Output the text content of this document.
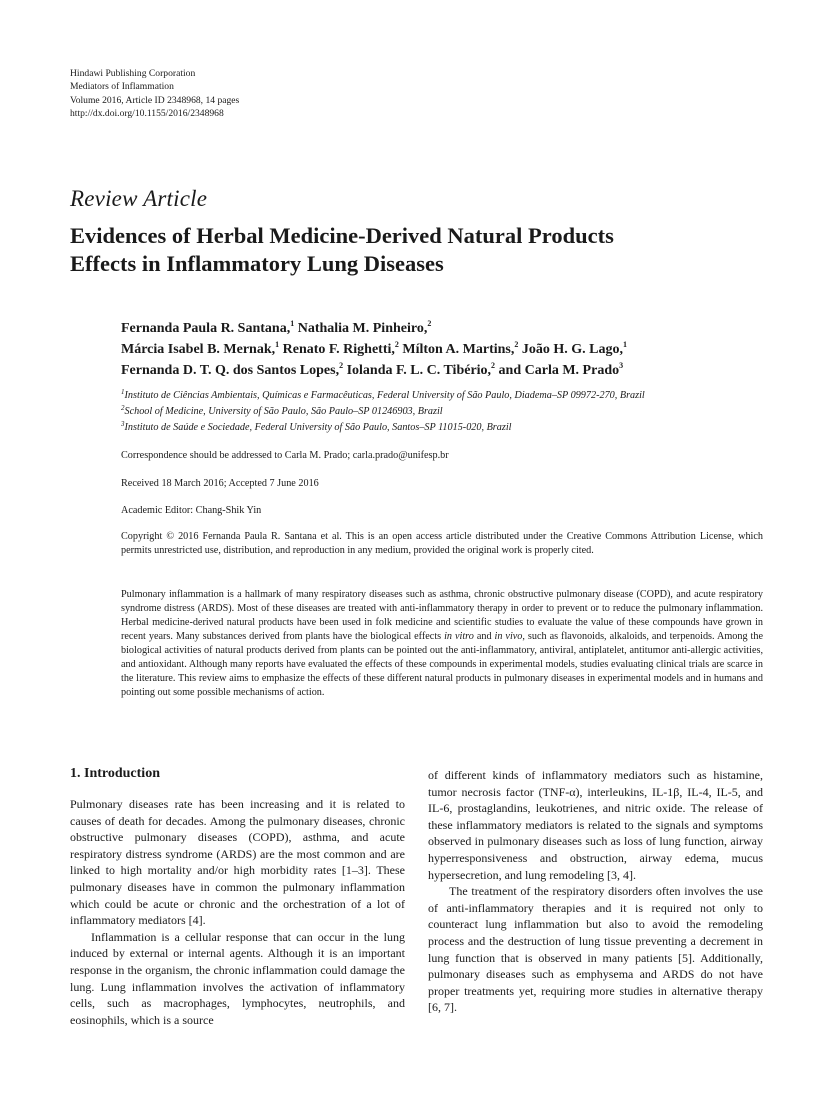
Hindawi Publishing Corporation
Mediators of Inflammation
Volume 2016, Article ID 2348968, 14 pages
http://dx.doi.org/10.1155/2016/2348968
Review Article
Evidences of Herbal Medicine-Derived Natural Products
Effects in Inflammatory Lung Diseases
Fernanda Paula R. Santana,$^1$ Nathalia M. Pinheiro,$^2$
Márcia Isabel B. Mernak,$^1$ Renato F. Righetti,$^2$ Mílton A. Martins,$^2$ João H. G. Lago,$^1$
Fernanda D. T. Q. dos Santos Lopes,$^2$ Iolanda F. L. C. Tibério,$^2$ and Carla M. Prado$^3$
$^1$Instituto de Ciências Ambientais, Químicas e Farmacêuticas, Federal University of São Paulo, Diadema–SP 09972-270, Brazil
$^2$School of Medicine, University of São Paulo, São Paulo–SP 01246903, Brazil
$^3$Instituto de Saúde e Sociedade, Federal University of São Paulo, Santos–SP 11015-020, Brazil
Correspondence should be addressed to Carla M. Prado; carla.prado@unifesp.br
Received 18 March 2016; Accepted 7 June 2016
Academic Editor: Chang-Shik Yin
Copyright © 2016 Fernanda Paula R. Santana et al. This is an open access article distributed under the Creative Commons Attribution License, which permits unrestricted use, distribution, and reproduction in any medium, provided the original work is properly cited.
Pulmonary inflammation is a hallmark of many respiratory diseases such as asthma, chronic obstructive pulmonary disease (COPD), and acute respiratory syndrome distress (ARDS). Most of these diseases are treated with anti-inflammatory therapy in order to prevent or to reduce the pulmonary inflammation. Herbal medicine-derived natural products have been used in folk medicine and scientific studies to evaluate the value of these compounds have grown in recent years. Many substances derived from plants have the biological effects in vitro and in vivo, such as flavonoids, alkaloids, and terpenoids. Among the biological activities of natural products derived from plants can be pointed out the anti-inflammatory, antiviral, antiplatelet, antitumor anti-allergic activities, and antioxidant. Although many reports have evaluated the effects of these compounds in experimental models, studies evaluating clinical trials are scarce in the literature. This review aims to emphasize the effects of these different natural products in pulmonary diseases in experimental models and in humans and pointing out some possible mechanisms of action.
1. Introduction

Pulmonary diseases rate has been increasing and it is related to causes of death for decades. Among the pulmonary diseases, chronic obstructive pulmonary diseases (COPD), asthma, and acute respiratory distress syndrome (ARDS) are the most common and are linked to high mortality and/or high morbidity rates [1–3]. These pulmonary diseases have in common the pulmonary inflammation which could be acute or chronic and the orchestration of a lot of inflammatory mediators [4].

Inflammation is a cellular response that can occur in the lung induced by external or internal agents. Although it is an important response in the organism, the chronic inflammation could damage the lung. Lung inflammation involves the activation of inflammatory cells, such as macrophages, lymphocytes, neutrophils, and eosinophils, which is a source

of different kinds of inflammatory mediators such as histamine, tumor necrosis factor (TNF-α), interleukins, IL-1β, IL-4, IL-5, and IL-6, prostaglandins, leukotrienes, and nitric oxide. The release of these inflammatory mediators is related to the signals and symptoms observed in pulmonary diseases such as loss of lung function, airway hyperresponsiveness and obstruction, airway edema, mucus hypersecretion, and lung remodeling [3, 4].

The treatment of the respiratory disorders often involves the use of anti-inflammatory therapies and it is required not only to counteract lung inflammation but also to avoid the remodeling process and the destruction of lung tissue preventing a decrement in lung function that is observed in many patients [5]. Additionally, pulmonary diseases such as emphysema and ARDS do not have proper treatments yet, requiring more studies in alternative therapy [6, 7].
